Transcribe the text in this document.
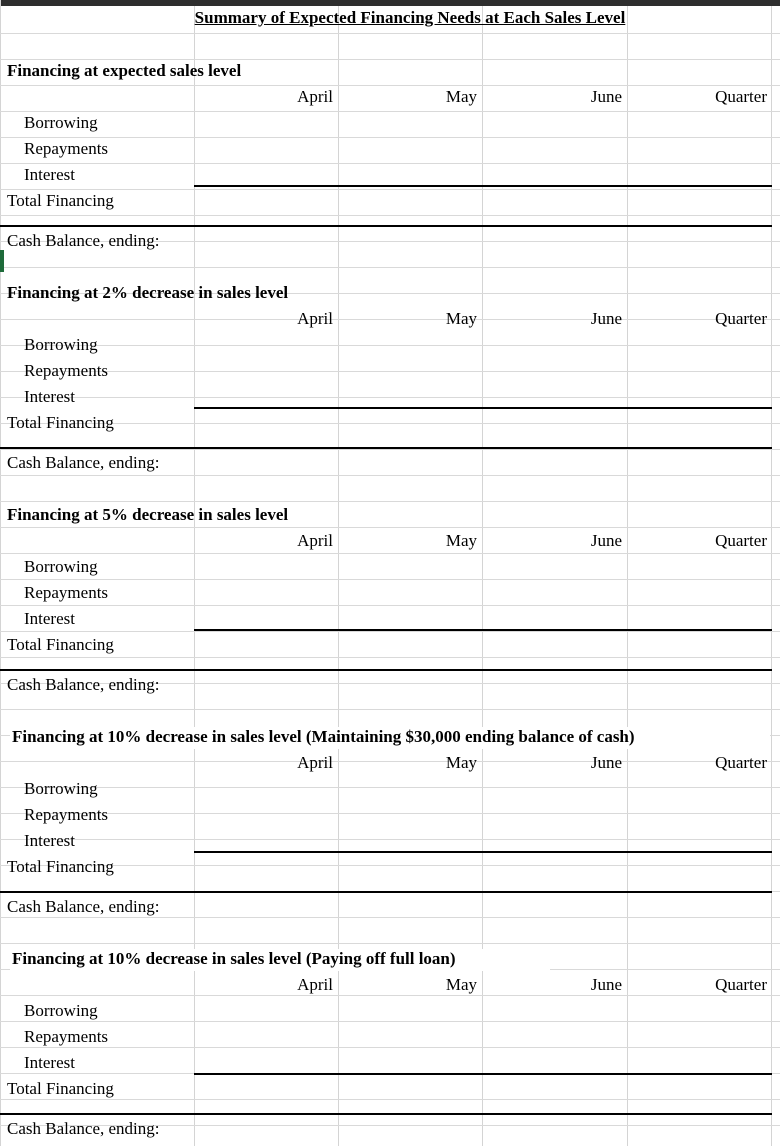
Summary of Expected Financing Needs at Each Sales Level
Financing at expected sales level
April	May	June	Quarter
Borrowing
Repayments
Interest
Total Financing
Cash Balance, ending:
Financing at 2% decrease in sales level
April	May	June	Quarter
Borrowing
Repayments
Interest
Total Financing
Cash Balance, ending:
Financing at 5% decrease in sales level
April	May	June	Quarter
Borrowing
Repayments
Interest
Total Financing
Cash Balance, ending:
Financing at 10% decrease in sales level (Maintaining $30,000 ending balance of cash)
April	May	June	Quarter
Borrowing
Repayments
Interest
Total Financing
Cash Balance, ending:
Financing at 10% decrease in sales level (Paying off full loan)
April	May	June	Quarter
Borrowing
Repayments
Interest
Total Financing
Cash Balance, ending:
